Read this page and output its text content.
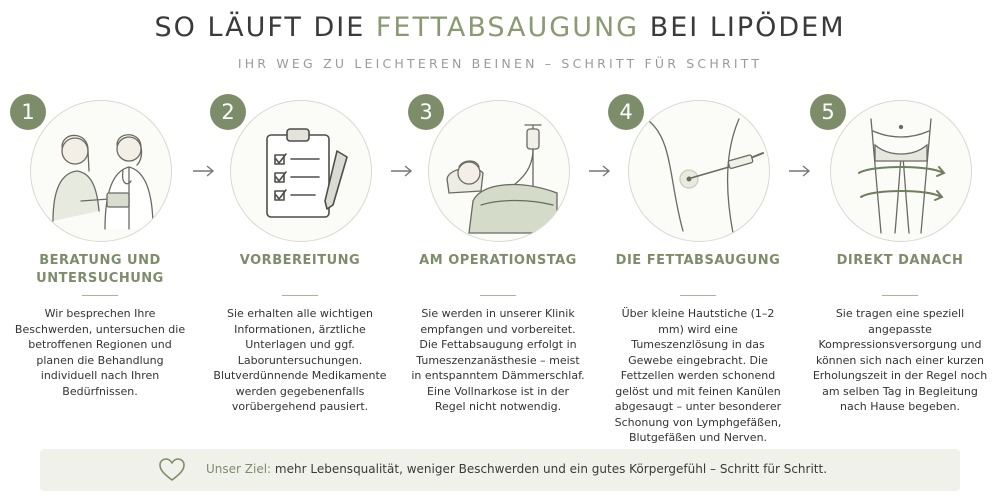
SO LÄUFT DIE FETTABSAUGUNG BEI LIPÖDEM
IHR WEG ZU LEICHTEREN BEINEN – SCHRITT FÜR SCHRITT
1
BERATUNG UND
UNTERSUCHUNG
Wir besprechen Ihre Beschwerden, untersuchen die betroffenen Regionen und planen die Behandlung individuell nach Ihren Bedürfnissen.
2
VORBEREITUNG
Sie erhalten alle wichtigen Informationen, ärztliche Unterlagen und ggf. Laboruntersuchungen. Blutverdünnende Medikamente werden gegebenenfalls vorübergehend pausiert.
3
AM OPERATIONSTAG
Sie werden in unserer Klinik empfangen und vorbereitet. Die Fettabsaugung erfolgt in Tumeszenzanästhesie – meist in entspanntem Dämmerschlaf. Eine Vollnarkose ist in der Regel nicht notwendig.
4
DIE FETTABSAUGUNG
Über kleine Hautstiche (1–2 mm) wird eine Tumeszenzlösung in das Gewebe eingebracht. Die Fettzellen werden schonend gelöst und mit feinen Kanülen abgesaugt – unter besonderer Schonung von Lymphgefäßen, Blutgefäßen und Nerven.
5
DIREKT DANACH
Sie tragen eine speziell angepasste Kompressionsversorgung und können sich nach einer kurzen Erholungszeit in der Regel noch am selben Tag in Begleitung nach Hause begeben.
Unser Ziel: mehr Lebensqualität, weniger Beschwerden und ein gutes Körpergefühl – Schritt für Schritt.
